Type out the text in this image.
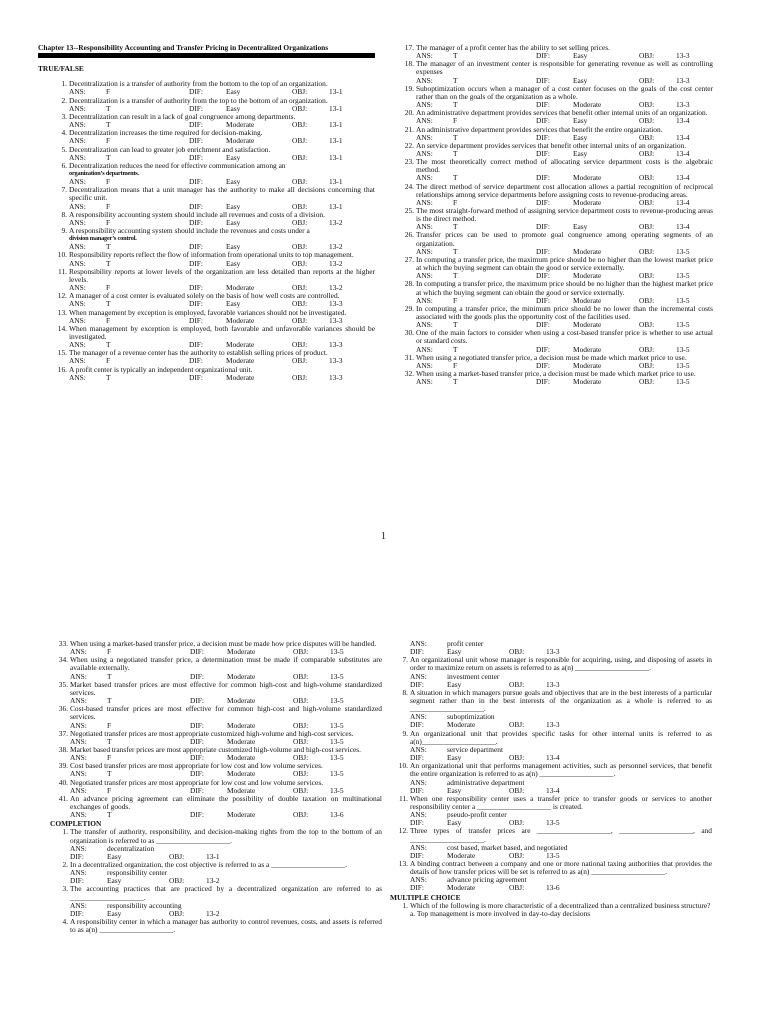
Chapter 13--Responsibility Accounting and Transfer Pricing in Decentralized Organizations
TRUE/FALSE
1. Decentralization is a transfer of authority from the bottom to the top of an organization.
ANS:	F	DIF:	Easy	OBJ:	13-1
2. Decentralization is a transfer of authority from the top to the bottom of an organization.
ANS:	T	DIF:	Easy	OBJ:	13-1
3. Decentralization can result in a lack of goal congruence among departments.
ANS:	T	DIF:	Moderate	OBJ:	13-1
4. Decentralization increases the time required for decision-making.
ANS:	F	DIF:	Moderate	OBJ:	13-1
5. Decentralization can lead to greater job enrichment and satisfaction.
ANS:	T	DIF:	Easy	OBJ:	13-1
6. Decentralization reduces the need for effective communication among an
organization’s departments.
ANS:	F	DIF:	Easy	OBJ:	13-1
7. Decentralization means that a unit manager has the authority to make all decisions concerning that specific unit.
ANS:	F	DIF:	Easy	OBJ:	13-1
8. A responsibility accounting system should include all revenues and costs of a division.
ANS:	F	DIF:	Easy	OBJ:	13-2
9. A responsibility accounting system should include the revenues and costs under a
division manager’s control.
ANS:	T	DIF:	Easy	OBJ:	13-2
10. Responsibility reports reflect the flow of information from operational units to top management.
ANS:	T	DIF:	Easy	OBJ:	13-2
11. Responsibility reports at lower levels of the organization are less detailed than reports at the higher levels.
ANS:	F	DIF:	Moderate	OBJ:	13-2
12. A manager of a cost center is evaluated solely on the basis of how well costs are controlled.
ANS:	T	DIF:	Easy	OBJ:	13-3
13. When management by exception is employed, favorable variances should not be investigated.
ANS:	F	DIF:	Moderate	OBJ:	13-3
14. When management by exception is employed, both favorable and unfavorable variances should be investigated.
ANS:	T	DIF:	Moderate	OBJ:	13-3
15. The manager of a revenue center has the authority to establish selling prices of product.
ANS:	F	DIF:	Moderate	OBJ:	13-3
16. A profit center is typically an independent organizational unit.
ANS:	T	DIF:	Moderate	OBJ:	13-3
17. The manager of a profit center has the ability to set selling prices.
ANS:	T	DIF:	Easy	OBJ:	13-3
18. The manager of an investment center is responsible for generating revenue as well as controlling expenses
ANS:	T	DIF:	Easy	OBJ:	13-3
19. Suboptimization occurs when a manager of a cost center focuses on the goals of the cost center rather than on the goals of the organization as a whole.
ANS:	T	DIF:	Moderate	OBJ:	13-3
20. An administrative department provides services that benefit other internal units of an organization.
ANS:	F	DIF:	Easy	OBJ:	13-4
21. An administrative department provides services that benefit the entire organization.
ANS:	T	DIF:	Easy	OBJ:	13-4
22. An service department provides services that benefit other internal units of an organization.
ANS:	T	DIF:	Easy	OBJ:	13-4
23. The most theoretically correct method of allocating service department costs is the algebraic method.
ANS:	T	DIF:	Moderate	OBJ:	13-4
24. The direct method of service department cost allocation allows a partial recognition of reciprocal relationships among service departments before assigning costs to revenue-producing areas.
ANS:	F	DIF:	Moderate	OBJ:	13-4
25. The most straight-forward method of assigning service department costs to revenue-producing areas is the direct method.
ANS:	T	DIF:	Easy	OBJ:	13-4
26. Transfer prices can be used to promote goal congruence among operating segments of an organization.
ANS:	T	DIF:	Moderate	OBJ:	13-5
27. In computing a transfer price, the maximum price should be no higher than the lowest market price at which the buying segment can obtain the good or service externally.
ANS:	T	DIF:	Moderate	OBJ:	13-5
28. In computing a transfer price, the maximum price should be no higher than the highest market price at which the buying segment can obtain the good or service externally.
ANS:	F	DIF:	Moderate	OBJ:	13-5
29. In computing a transfer price, the minimum price should be no lower than the incremental costs associated with the goods plus the opportunity cost of the facilities used.
ANS:	T	DIF:	Moderate	OBJ:	13-5
30. One of the main factors to consider when using a cost-based transfer price is whether to use actual or standard costs.
ANS:	T	DIF:	Moderate	OBJ:	13-5
31. When using a negotiated transfer price, a decision must be made which market price to use.
ANS:	F	DIF:	Moderate	OBJ:	13-5
32. When using a market-based transfer price, a decision must be made which market price to use.
ANS:	T	DIF:	Moderate	OBJ:	13-5
1
33. When using a market-based transfer price, a decision must be made how price disputes will be handled.
ANS:	F	DIF:	Moderate	OBJ:	13-5
34. When using a negotiated transfer price, a determination must be made if comparable substitutes are available externally.
ANS:	T	DIF:	Moderate	OBJ:	13-5
35. Market based transfer prices are most effective for common high-cost and high-volume standardized services.
ANS:	T	DIF:	Moderate	OBJ:	13-5
36. Cost-based transfer prices are most effective for common high-cost and high-volume standardized services.
ANS:	F	DIF:	Moderate	OBJ:	13-5
37. Negotiated transfer prices are most appropriate customized high-volume and high-cost services.
ANS:	T	DIF:	Moderate	OBJ:	13-5
38. Market based transfer prices are most appropriate customized high-volume and high-cost services.
ANS:	F	DIF:	Moderate	OBJ:	13-5
39. Cost based transfer prices are most appropriate for low cost and low volume services.
ANS:	T	DIF:	Moderate	OBJ:	13-5
40. Negotiated transfer prices are most appropriate for low cost and low volume services.
ANS:	F	DIF:	Moderate	OBJ:	13-5
41. An advance pricing agreement can eliminate the possibility of double taxation on multinational exchanges of goods.
ANS:	T	DIF:	Moderate	OBJ:	13-6
COMPLETION
1. The transfer of authority, responsibility, and decision-making rights from the top to the bottom of an organization is referred to as ____________________.
ANS:	decentralization
DIF:	Easy	OBJ:	13-1
2. In a decentralized organization, the cost objective is referred to as a ____________________.
ANS:	responsibility center
DIF:	Easy	OBJ:	13-2
3. The accounting practices that are practiced by a decentralized organization are referred to as ____________________.
ANS:	responsibility accounting
DIF:	Easy	OBJ:	13-2
4. A responsibility center in which a manager has authority to control revenues, costs, and assets is referred to as a(n) ____________________.
ANS:	profit center
DIF:	Easy	OBJ:	13-3
7. An organizational unit whose manager is responsible for acquiring, using, and disposing of assets in order to maximize return on assets is referred to as a(n) ____________________.
ANS:	investment center
DIF:	Easy	OBJ:	13-3
8. A situation in which managers pursue goals and objectives that are in the best interests of a particular segment rather than in the best interests of the organization as a whole is referred to as ____________________.
ANS:	suboptimization
DIF:	Moderate	OBJ:	13-3
9. An organizational unit that provides specific tasks for other internal units is referred to as a(n)____________________.
ANS:	service department
DIF:	Easy	OBJ:	13-4
10. An organizational unit that performs management activities, such as personnel services, that benefit the entire organization is referred to as a(n) ____________________.
ANS:	administrative department
DIF:	Easy	OBJ:	13-4
11. When one responsibility center uses a transfer price to transfer goods or services to another responsibility center a ____________________ is created.
ANS:	pseudo-profit center
DIF:	Easy	OBJ:	13-5
12. Three types of transfer prices are ____________________, ____________________, and ____________________.
ANS:	cost based, market based, and negotiated
DIF:	Moderate	OBJ:	13-5
13. A binding contract between a company and one or more national taxing authorities that provides the details of how transfer prices will be set is referred to as a(n) ____________________.
ANS:	advance pricing agreement
DIF:	Moderate	OBJ:	13-6
MULTIPLE CHOICE
1. Which of the following is more characteristic of a decentralized than a centralized business structure?
a. Top management is more involved in day-to-day decisions
